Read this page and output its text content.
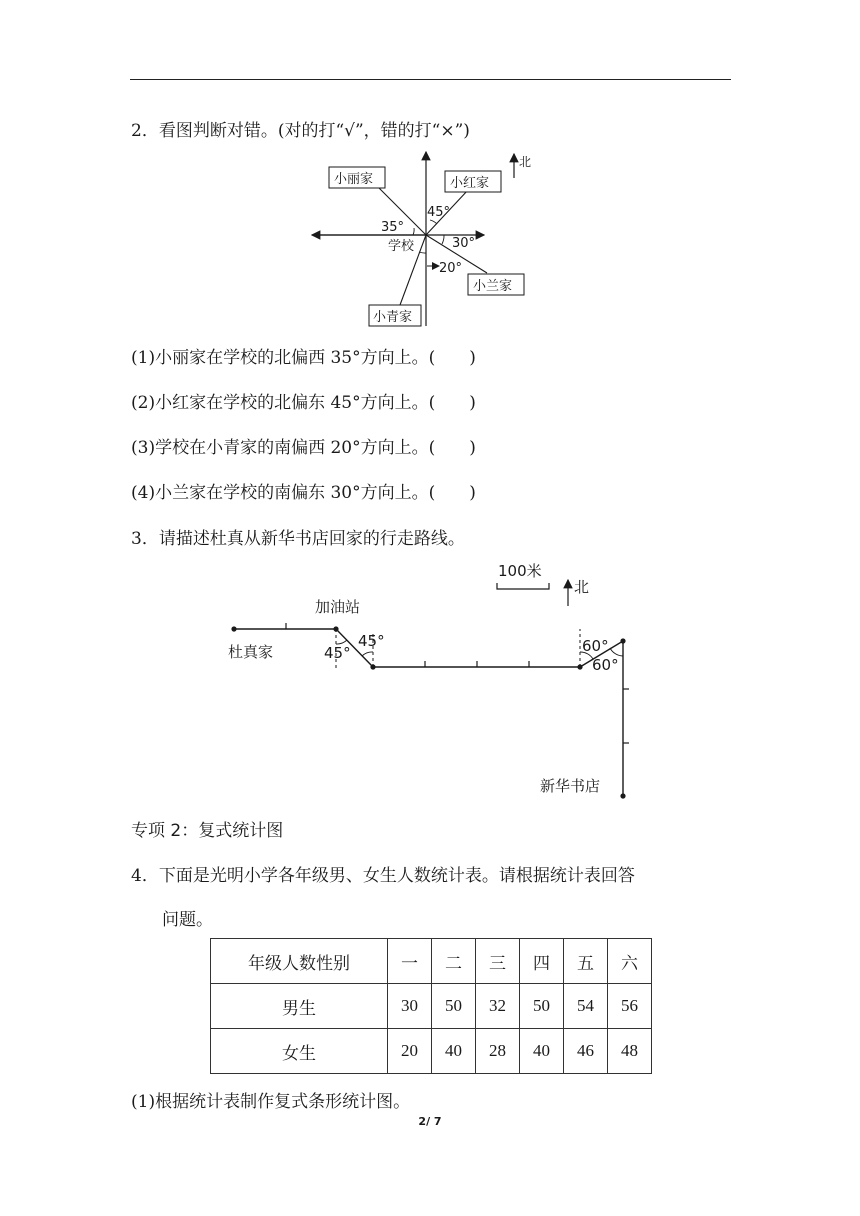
2．看图判断对错。(对的打“√”，错的打“×”)
北
小丽家	小红家
小兰家
小青家
35°
45°
30°
20°
学校
(1)小丽家在学校的北偏西 35°方向上。(　　)
(2)小红家在学校的北偏东 45°方向上。(　　)
(3)学校在小青家的南偏西 20°方向上。(　　)
(4)小兰家在学校的南偏东 30°方向上。(　　)
3．请描述杜真从新华书店回家的行走路线。
100米
北
加油站
杜真家
新华书店
45°
45°	60°
60°
专项 2：复式统计图
4．下面是光明小学各年级男、女生人数统计表。请根据统计表回答
问题。
年级人数性别	一	二	三	四	五	六
男生	30	50	32	50	54	56
女生	20	40	28	40	46	48
(1)根据统计表制作复式条形统计图。
2/ 7
